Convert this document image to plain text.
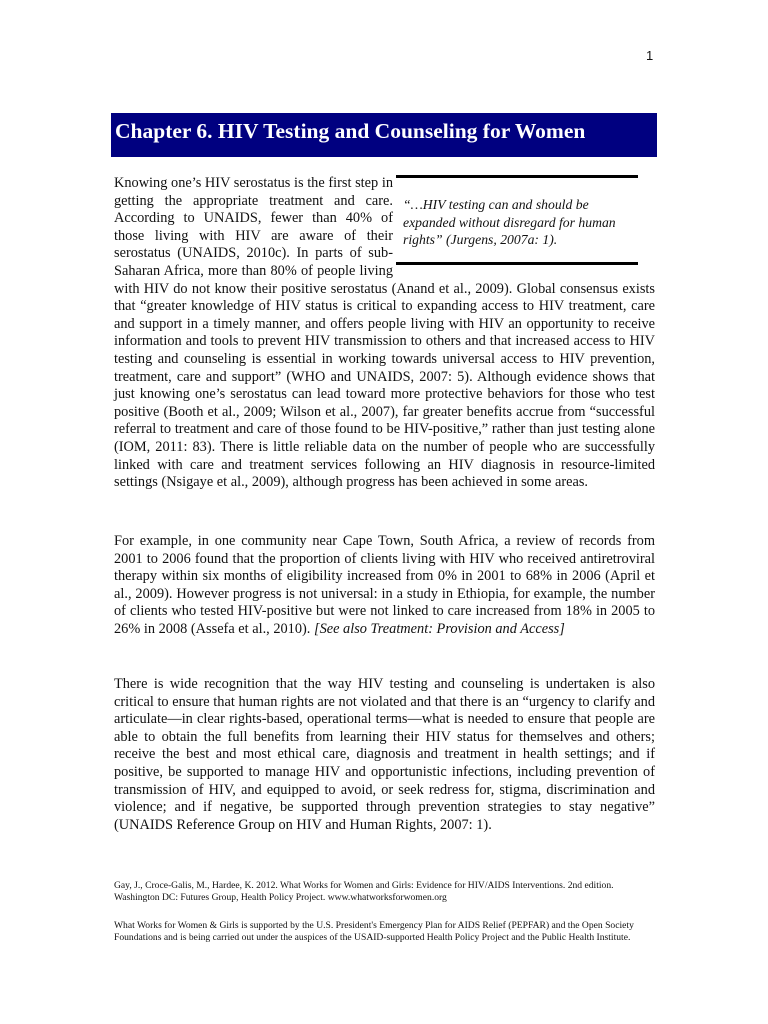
1
Chapter 6. HIV Testing and Counseling for Women
“…HIV testing can and should be expanded without disregard for human rights” (Jurgens, 2007a: 1).
Knowing one’s HIV serostatus is the first step in getting the appropriate treatment and care. According to UNAIDS, fewer than 40% of those living with HIV are aware of their serostatus (UNAIDS, 2010c). In parts of sub-Saharan Africa, more than 80% of people living with HIV do not know their positive serostatus (Anand et al., 2009). Global consensus exists that “greater knowledge of HIV status is critical to expanding access to HIV treatment, care and support in a timely manner, and offers people living with HIV an opportunity to receive information and tools to prevent HIV transmission to others and that increased access to HIV testing and counseling is essential in working towards universal access to HIV prevention, treatment, care and support” (WHO and UNAIDS, 2007: 5). Although evidence shows that just knowing one’s serostatus can lead toward more protective behaviors for those who test positive (Booth et al., 2009; Wilson et al., 2007), far greater benefits accrue from “successful referral to treatment and care of those found to be HIV-positive,” rather than just testing alone (IOM, 2011: 83). There is little reliable data on the number of people who are successfully linked with care and treatment services following an HIV diagnosis in resource-limited settings (Nsigaye et al., 2009), although progress has been achieved in some areas.
For example, in one community near Cape Town, South Africa, a review of records from 2001 to 2006 found that the proportion of clients living with HIV who received antiretroviral therapy within six months of eligibility increased from 0% in 2001 to 68% in 2006 (April et al., 2009). However progress is not universal: in a study in Ethiopia, for example, the number of clients who tested HIV-positive but were not linked to care increased from 18% in 2005 to 26% in 2008 (Assefa et al., 2010). [See also Treatment: Provision and Access]
There is wide recognition that the way HIV testing and counseling is undertaken is also critical to ensure that human rights are not violated and that there is an “urgency to clarify and articulate—in clear rights-based, operational terms—what is needed to ensure that people are able to obtain the full benefits from learning their HIV status for themselves and others; receive the best and most ethical care, diagnosis and treatment in health settings; and if positive, be supported to manage HIV and opportunistic infections, including prevention of transmission of HIV, and equipped to avoid, or seek redress for, stigma, discrimination and violence; and if negative, be supported through prevention strategies to stay negative” (UNAIDS Reference Group on HIV and Human Rights, 2007: 1).
Gay, J., Croce-Galis, M., Hardee, K. 2012. What Works for Women and Girls: Evidence for HIV/AIDS Interventions. 2nd edition. Washington DC: Futures Group, Health Policy Project. www.whatworksforwomen.org
What Works for Women & Girls is supported by the U.S. President's Emergency Plan for AIDS Relief (PEPFAR) and the Open Society Foundations and is being carried out under the auspices of the USAID-supported Health Policy Project and the Public Health Institute.
